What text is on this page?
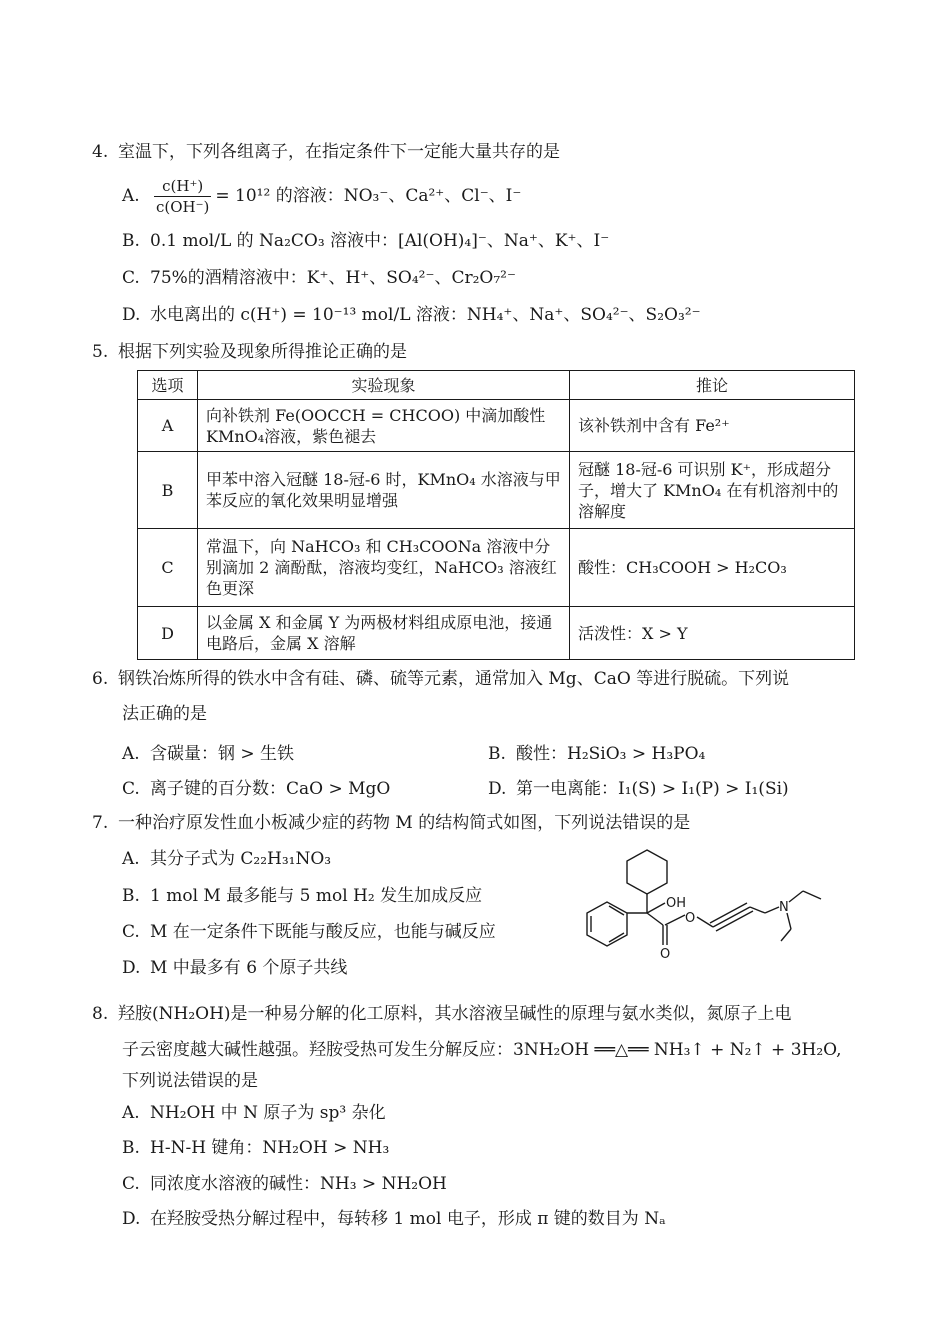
4. 室温下，下列各组离子，在指定条件下一定能大量共存的是
A. $\frac{c(H^+)}{c(OH^-)} = 10^{12}$ 的溶液：NO₃⁻、Ca²⁺、Cl⁻、I⁻
B. 0.1 mol/L 的 Na₂CO₃ 溶液中：[Al(OH)₄]⁻、Na⁺、K⁺、I⁻
C. 75%的酒精溶液中：K⁺、H⁺、SO₄²⁻、Cr₂O₇²⁻
D. 水电离出的 c(H⁺) = 10⁻¹³ mol/L 溶液：NH₄⁺、Na⁺、SO₄²⁻、S₂O₃²⁻
5. 根据下列实验及现象所得推论正确的是
选项	实验现象	推论
A	向补铁剂 Fe(OOCCH = CHCOO) 中滴加酸性 KMnO₄溶液，紫色褪去	该补铁剂中含有 Fe²⁺
B	甲苯中溶入冠醚 18-冠-6 时，KMnO₄ 水溶液与甲苯反应的氧化效果明显增强	冠醚 18-冠-6 可识别 K⁺，形成超分子，增大了 KMnO₄ 在有机溶剂中的溶解度
C	常温下，向 NaHCO₃ 和 CH₃COONa 溶液中分别滴加 2 滴酚酞，溶液均变红，NaHCO₃ 溶液红色更深	酸性：CH₃COOH > H₂CO₃
D	以金属 X 和金属 Y 为两极材料组成原电池，接通电路后，金属 X 溶解	活泼性：X > Y
6. 钢铁冶炼所得的铁水中含有硅、磷、硫等元素，通常加入 Mg、CaO 等进行脱硫。下列说
法正确的是
A. 含碳量：钢 > 生铁	B. 酸性：H₂SiO₃ > H₃PO₄
C. 离子键的百分数：CaO > MgO	D. 第一电离能：I₁(S) > I₁(P) > I₁(Si)
7. 一种治疗原发性血小板减少症的药物 M 的结构简式如图，下列说法错误的是
A. 其分子式为 C₂₂H₃₁NO₃
B. 1 mol M 最多能与 5 mol H₂ 发生加成反应
C. M 在一定条件下既能与酸反应，也能与碱反应
D. M 中最多有 6 个原子共线
OH
O
O
N
8. 羟胺(NH₂OH)是一种易分解的化工原料，其水溶液呈碱性的原理与氨水类似，氮原子上电
子云密度越大碱性越强。羟胺受热可发生分解反应：3NH₂OH ══△══ NH₃↑ + N₂↑ + 3H₂O,
下列说法错误的是
A. NH₂OH 中 N 原子为 sp³ 杂化
B. H-N-H 键角：NH₂OH > NH₃
C. 同浓度水溶液的碱性：NH₃ > NH₂OH
D. 在羟胺受热分解过程中，每转移 1 mol 电子，形成 π 键的数目为 Nₐ
